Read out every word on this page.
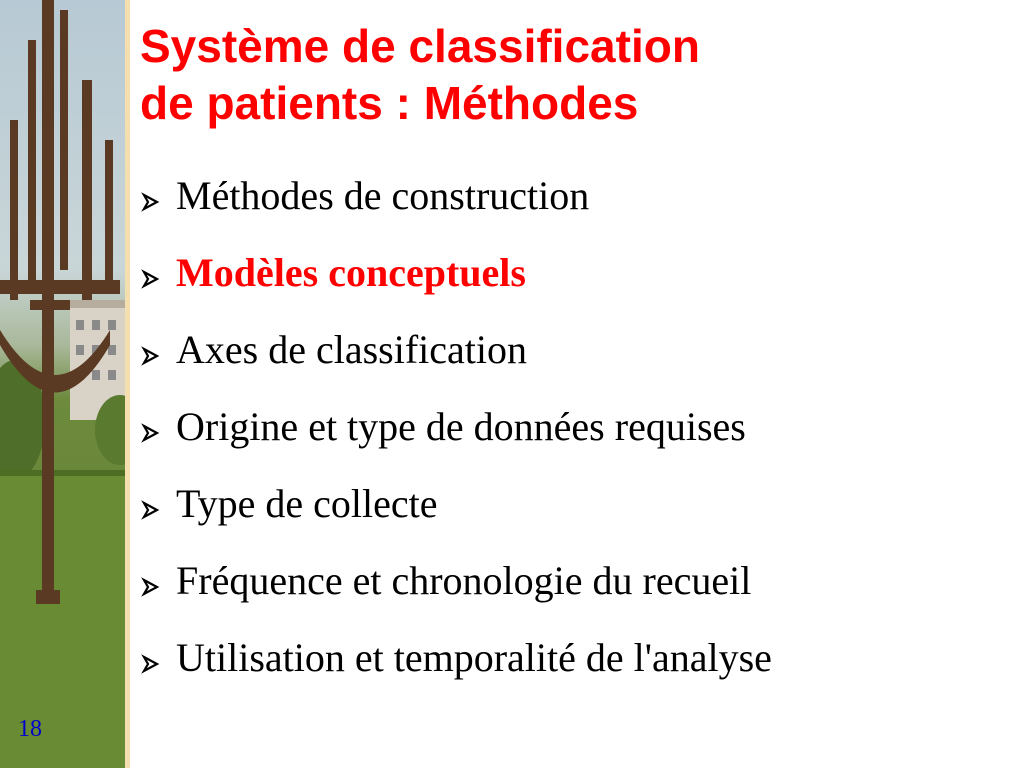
Système de classification
de patients : Méthodes
Méthodes de construction
Modèles conceptuels
Axes de classification
Origine et type de données requises
Type de collecte
Fréquence et chronologie du recueil
Utilisation et temporalité de l'analyse
18
